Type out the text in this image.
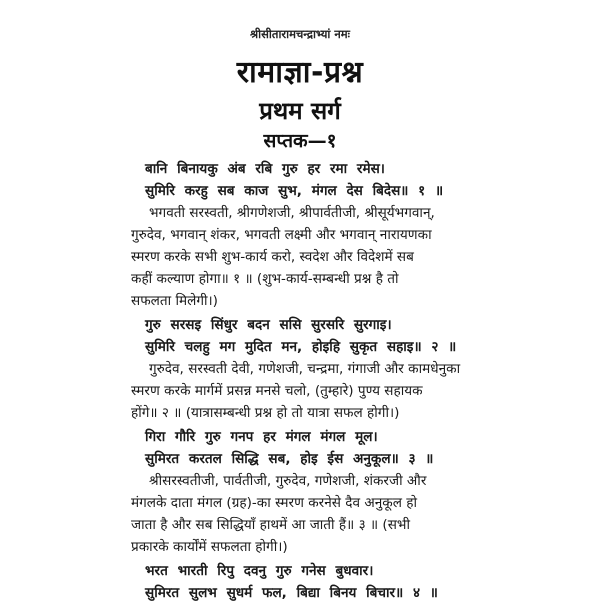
श्रीसीतारामचन्द्राभ्यां नमः
रामाज्ञा-प्रश्न
प्रथम सर्ग
सप्तक—१
बानि बिनायकु अंब रबि गुरु हर रमा रमेस।
सुमिरि करहु सब काज सुभ, मंगल देस बिदेस॥ १ ॥
भगवती सरस्वती, श्रीगणेशजी, श्रीपार्वतीजी, श्रीसूर्यभगवान्,
गुरुदेव, भगवान् शंकर, भगवती लक्ष्मी और भगवान् नारायणका
स्मरण करके सभी शुभ-कार्य करो, स्वदेश और विदेशमें सब
कहीं कल्याण होगा॥ १ ॥ (शुभ-कार्य-सम्बन्धी प्रश्न है तो
सफलता मिलेगी।)
गुरु सरसइ सिंधुर बदन ससि सुरसरि सुरगाइ।
सुमिरि चलहु मग मुदित मन, होइहि सुकृत सहाइ॥ २ ॥
गुरुदेव, सरस्वती देवी, गणेशजी, चन्द्रमा, गंगाजी और कामधेनुका
स्मरण करके मार्गमें प्रसन्न मनसे चलो, (तुम्हारे) पुण्य सहायक
होंगे॥ २ ॥ (यात्रासम्बन्धी प्रश्न हो तो यात्रा सफल होगी।)
गिरा गौरि गुरु गनप हर मंगल मंगल मूल।
सुमिरत करतल सिद्धि सब, होइ ईस अनुकूल॥ ३ ॥
श्रीसरस्वतीजी, पार्वतीजी, गुरुदेव, गणेशजी, शंकरजी और
मंगलके दाता मंगल (ग्रह)-का स्मरण करनेसे दैव अनुकूल हो
जाता है और सब सिद्धियाँ हाथमें आ जाती हैं॥ ३ ॥ (सभी
प्रकारके कार्योंमें सफलता होगी।)
भरत भारती रिपु दवनु गुरु गनेस बुधवार।
सुमिरत सुलभ सुधर्म फल, बिद्या बिनय बिचार॥ ४ ॥
